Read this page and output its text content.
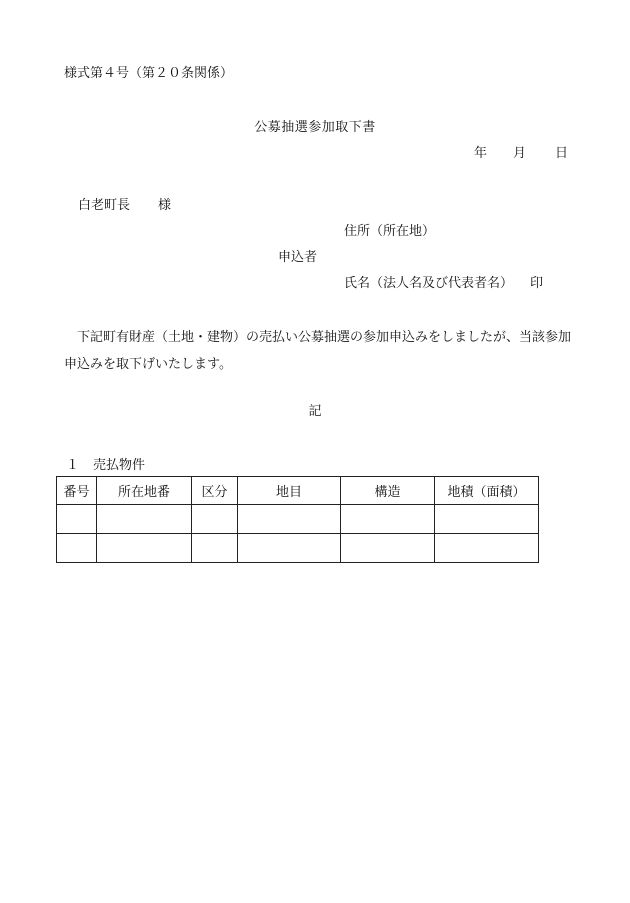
様式第４号（第２０条関係）
公募抽選参加取下書
年 月 日
白老町長 様
住所（所在地）
申込者
氏名（法人名及び代表者名） 印
下記町有財産（土地・建物）の売払い公募抽選の参加申込みをしましたが、当該参加申込みを取下げいたします。
記
１ 売払物件
番号	所在地番	区分	地目	構造	地積（面積）
